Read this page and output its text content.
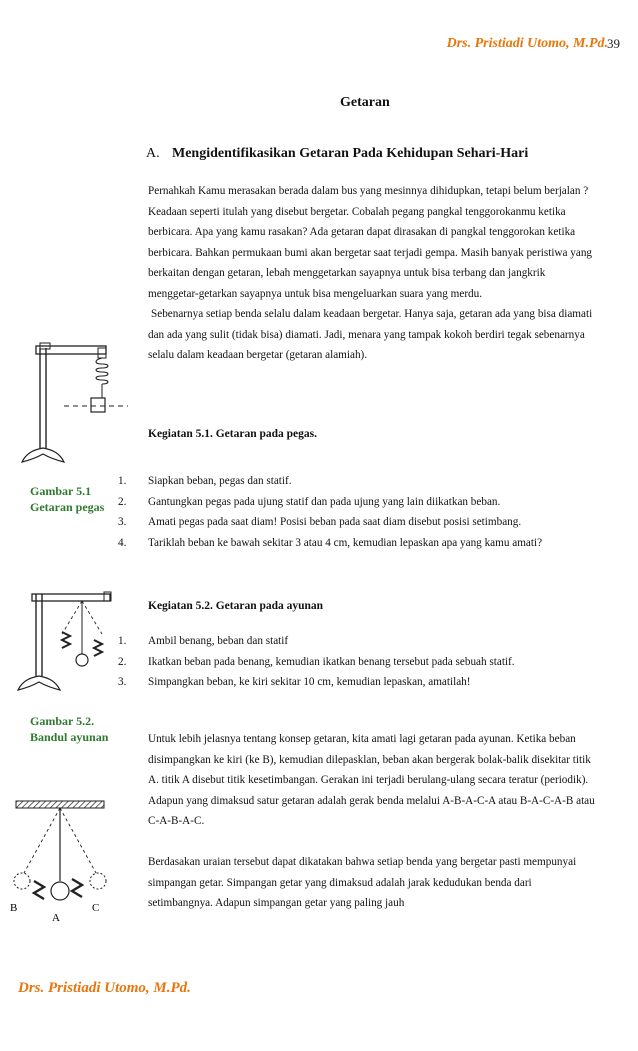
Drs. Pristiadi Utomo, M.Pd. 39
Getaran
A. Mengidentifikasikan Getaran Pada Kehidupan Sehari-Hari

Pernahkah Kamu merasakan berada dalam bus yang mesinnya dihidupkan, tetapi belum berjalan ? Keadaan seperti itulah yang disebut bergetar. Cobalah pegang pangkal tenggorokanmu ketika berbicara. Apa yang kamu rasakan? Ada getaran dapat dirasakan di pangkal tenggorokan ketika berbicara. Bahkan permukaan bumi akan bergetar saat terjadi gempa. Masih banyak peristiwa yang berkaitan dengan getaran, lebah menggetarkan sayapnya untuk bisa terbang dan jangkrik menggetar-getarkan sayapnya untuk bisa mengeluarkan suara yang merdu.

Sebenarnya setiap benda selalu dalam keadaan bergetar. Hanya saja, getaran ada yang bisa diamati dan ada yang sulit (tidak bisa) diamati. Jadi, menara yang tampak kokoh berdiri tegak sebenarnya selalu dalam keadaan bergetar (getaran alamiah).

Kegiatan 5.1. Getaran pada pegas.
1. Siapkan beban, pegas dan statif.
2. Gantungkan pegas pada ujung statif dan pada ujung yang lain diikatkan beban.
3. Amati pegas pada saat diam! Posisi beban pada saat diam disebut posisi setimbang.
4. Tariklah beban ke bawah sekitar 3 atau 4 cm, kemudian lepaskan apa yang kamu amati?
Kegiatan 5.2. Getaran pada ayunan
1. Ambil benang, beban dan statif
2. Ikatkan beban pada benang, kemudian ikatkan benang tersebut pada sebuah statif.
3. Simpangkan beban, ke kiri sekitar 10 cm, kemudian lepaskan, amatilah!

Untuk lebih jelasnya tentang konsep getaran, kita amati lagi getaran pada ayunan. Ketika beban disimpangkan ke kiri (ke B), kemudian dilepasklan, beban akan bergerak bolak-balik disekitar titik A. titik A disebut titik kesetimbangan. Gerakan ini terjadi berulang-ulang secara teratur (periodik). Adapun yang dimaksud satur getaran adalah gerak benda melalui A-B-A-C-A atau B-A-C-A-B atau C-A-B-A-C.

Berdasakan uraian tersebut dapat dikatakan bahwa setiap benda yang bergetar pasti mempunyai simpangan getar. Simpangan getar yang dimaksud adalah jarak kedudukan benda dari setimbangnya. Adapun simpangan getar yang paling jauh

Gambar 5.1
Getaran pegas
Gambar 5.2.
Bandul ayunan
B
A
C
Drs. Pristiadi Utomo, M.Pd.
